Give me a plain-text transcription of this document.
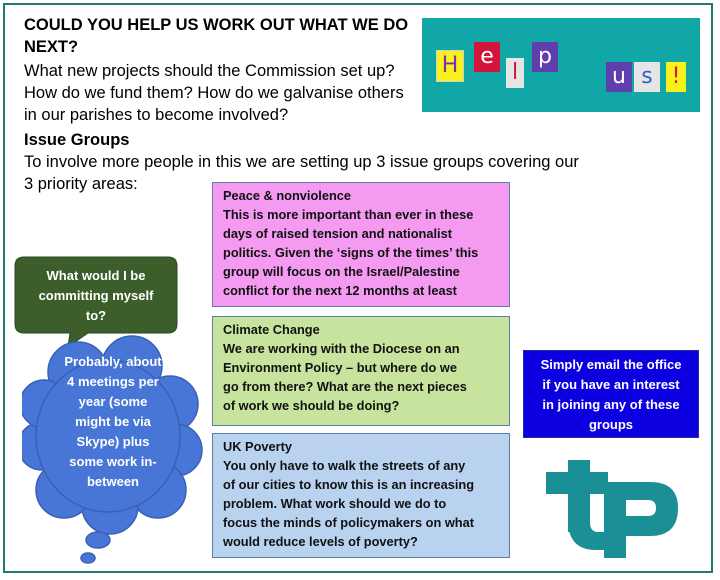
COULD YOU HELP US WORK OUT WHAT WE DO
NEXT?
What new projects should the Commission set up?
How do we fund them? How do we galvanise others
in our parishes to become involved?
Issue Groups
To involve more people in this we are setting up 3 issue groups covering our
3 priority areas:
H e
l
p
u s !
Peace & nonviolence
This is more important than ever in these
days of raised tension and nationalist
politics. Given the ‘signs of the times’ this
group will focus on the Israel/Palestine
conflict for the next 12 months at least
Climate Change
We are working with the Diocese on an
Environment Policy – but where do we
go from there? What are the next pieces
of work we should be doing?
UK Poverty
You only have to walk the streets of any
of our cities to know this is an increasing
problem. What work should we do to
focus the minds of policymakers on what
would reduce levels of poverty?
What would I be
committing myself
to?
Probably, about
4 meetings per
year (some
might be via
Skype) plus
some work in-
between
Simply email the office
if you have an interest
in joining any of these
groups
